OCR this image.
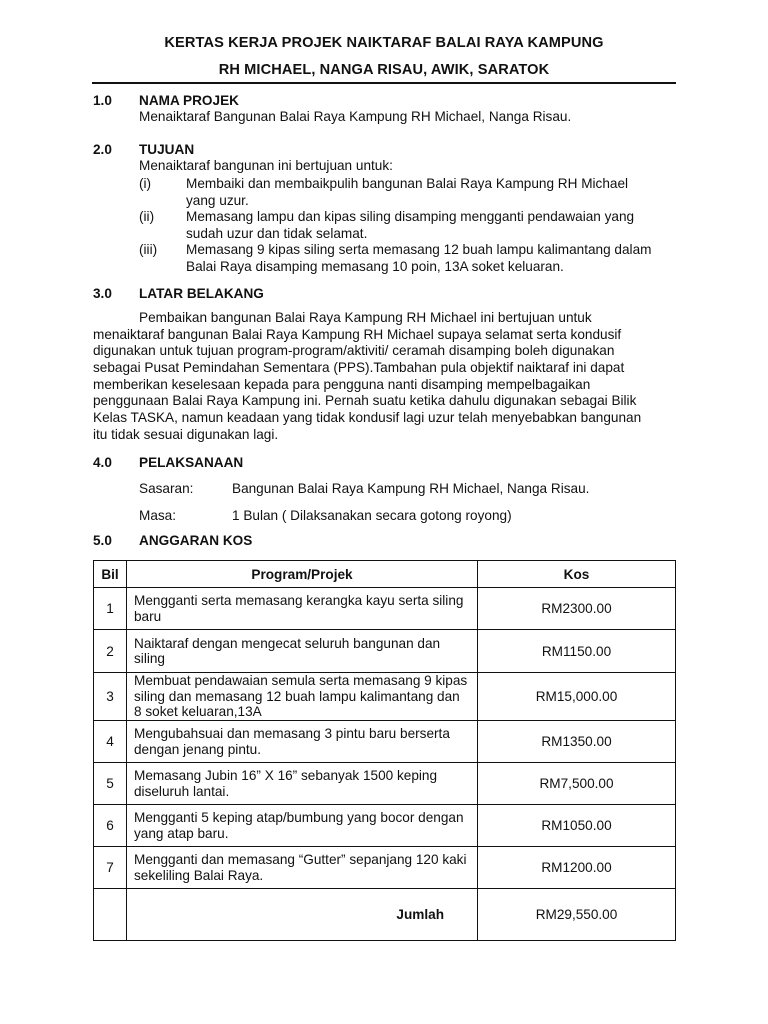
KERTAS KERJA PROJEK NAIKTARAF BALAI RAYA KAMPUNG
RH MICHAEL, NANGA RISAU, AWIK, SARATOK
1.0 NAMA PROJEK
Menaiktaraf Bangunan Balai Raya Kampung RH Michael, Nanga Risau.
2.0 TUJUAN
Menaiktaraf bangunan ini bertujuan untuk:
(i)	Membaiki dan membaikpulih bangunan Balai Raya Kampung RH Michael
yang uzur.
(ii) Memasang lampu dan kipas siling disamping mengganti pendawaian yang
sudah uzur dan tidak selamat.
(iii) Memasang 9 kipas siling serta memasang 12 buah lampu kalimantang dalam
Balai Raya disamping memasang 10 poin, 13A soket keluaran.
3.0 LATAR BELAKANG
Pembaikan bangunan Balai Raya Kampung RH Michael ini bertujuan untuk
menaiktaraf bangunan Balai Raya Kampung RH Michael supaya selamat serta kondusif
digunakan untuk tujuan program-program/aktiviti/ ceramah disamping boleh digunakan
sebagai Pusat Pemindahan Sementara (PPS).Tambahan pula objektif naiktaraf ini dapat
memberikan keselesaan kepada para pengguna nanti disamping mempelbagaikan
penggunaan Balai Raya Kampung ini. Pernah suatu ketika dahulu digunakan sebagai Bilik
Kelas TASKA, namun keadaan yang tidak kondusif lagi uzur telah menyebabkan bangunan
itu tidak sesuai digunakan lagi.
4.0 PELAKSANAAN
Sasaran:	Bangunan Balai Raya Kampung RH Michael, Nanga Risau.
Masa:	1 Bulan ( Dilaksanakan secara gotong royong)
5.0 ANGGARAN KOS
Bil	Program/Projek	Kos
1	Mengganti serta memasang kerangka kayu serta siling baru	RM2300.00
2	Naiktaraf dengan mengecat seluruh bangunan dan siling	RM1150.00
3	Membuat pendawaian semula serta memasang 9 kipas siling dan memasang 12 buah lampu kalimantang dan 8 soket keluaran,13A	RM15,000.00
4	Mengubahsuai dan memasang 3 pintu baru berserta dengan jenang pintu.	RM1350.00
5	Memasang Jubin 16” X 16” sebanyak 1500 keping diseluruh lantai.	RM7,500.00
6	Mengganti 5 keping atap/bumbung yang bocor dengan yang atap baru.	RM1050.00
7	Mengganti dan memasang “Gutter” sepanjang 120 kaki sekeliling Balai Raya.	RM1200.00
	Jumlah	RM29,550.00
